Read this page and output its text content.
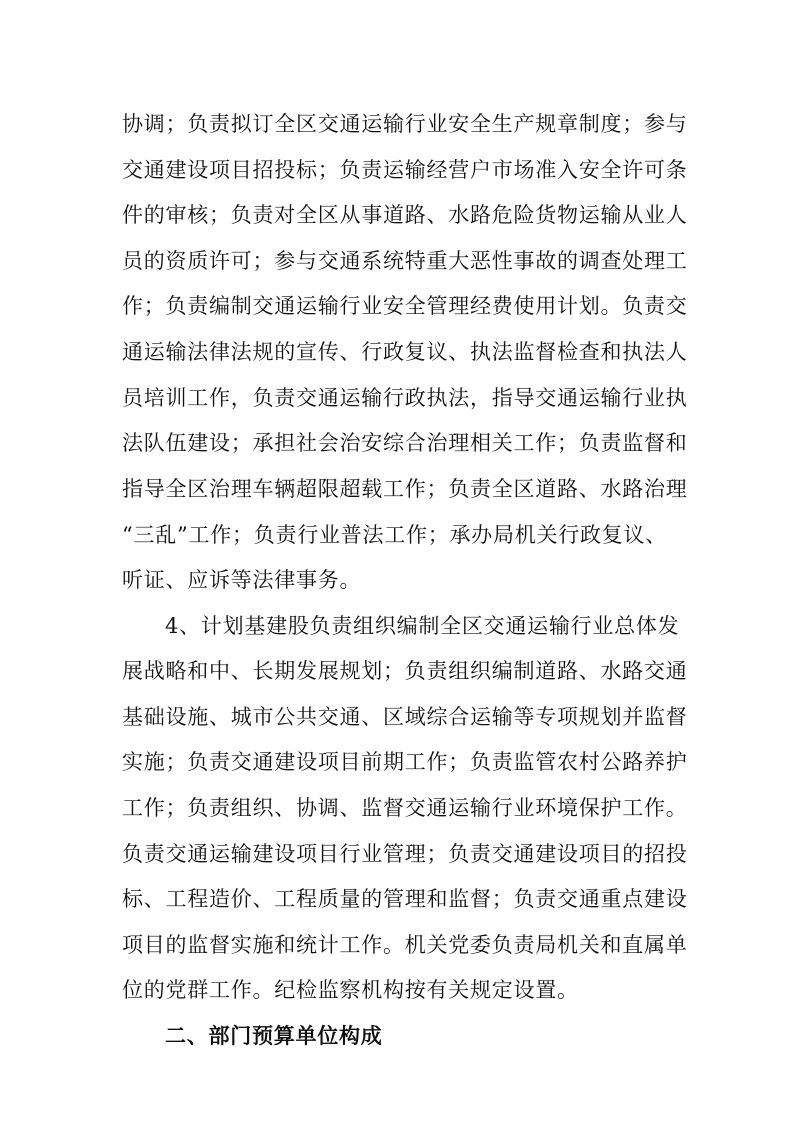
协调；负责拟订全区交通运输行业安全生产规章制度；参与
交通建设项目招投标；负责运输经营户市场准入安全许可条
件的审核；负责对全区从事道路、水路危险货物运输从业人
员的资质许可；参与交通系统特重大恶性事故的调查处理工
作；负责编制交通运输行业安全管理经费使用计划。负责交
通运输法律法规的宣传、行政复议、执法监督检查和执法人
员培训工作，负责交通运输行政执法，指导交通运输行业执
法队伍建设；承担社会治安综合治理相关工作；负责监督和
指导全区治理车辆超限超载工作；负责全区道路、水路治理
“三乱”工作；负责行业普法工作；承办局机关行政复议、
听证、应诉等法律事务。
4、计划基建股负责组织编制全区交通运输行业总体发
展战略和中、长期发展规划；负责组织编制道路、水路交通
基础设施、城市公共交通、区域综合运输等专项规划并监督
实施；负责交通建设项目前期工作；负责监管农村公路养护
工作；负责组织、协调、监督交通运输行业环境保护工作。
负责交通运输建设项目行业管理；负责交通建设项目的招投
标、工程造价、工程质量的管理和监督；负责交通重点建设
项目的监督实施和统计工作。机关党委负责局机关和直属单
位的党群工作。纪检监察机构按有关规定设置。
二、部门预算单位构成
